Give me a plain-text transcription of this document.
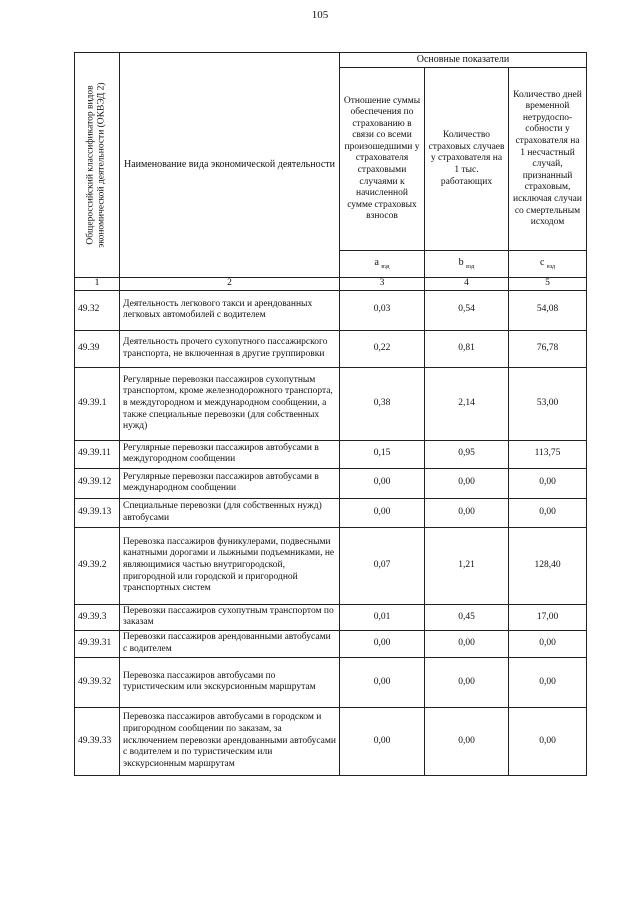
105
Общероссийский классификатор видов экономической деятельности (ОКВЭД 2)	Наименование вида экономической деятельности	Основные показатели		
		Отношение суммы обеспечения по страхованию в связи со всеми произошедшими у страхователя страховыми случаями к начисленной сумме страховых взносов	Количество страховых случаев у страхователя на 1 тыс. работающих	Количество дней временной нетрудоспо-собности у страхователя на 1 несчастный случай, признанный страховым, исключая случаи со смертельным исходом
		a $_{вэд}$	b $_{вэд}$	c $_{вэд}$
1	2	3	4	5
49.32	Деятельность легкового такси и арендованных легковых автомобилей с водителем	0,03	0,54	54,08
49.39	Деятельность прочего сухопутного пассажирского транспорта, не включенная в другие группировки	0,22	0,81	76,78
49.39.1	Регулярные перевозки пассажиров сухопутным транспортом, кроме железнодорожного транспорта, в междугородном и международном сообщении, а также специальные перевозки (для собственных нужд)	0,38	2,14	53,00
49.39.11	Регулярные перевозки пассажиров автобусами в междугородном сообщении	0,15	0,95	113,75
49.39.12	Регулярные перевозки пассажиров автобусами в международном сообщении	0,00	0,00	0,00
49.39.13	Специальные перевозки (для собственных нужд) автобусами	0,00	0,00	0,00
49.39.2	Перевозка пассажиров фуникулерами, подвесными канатными дорогами и лыжными подъемниками, не являющимися частью внутригородской, пригородной или городской и пригородной транспортных систем	0,07	1,21	128,40
49.39.3	Перевозки пассажиров сухопутным транспортом по заказам	0,01	0,45	17,00
49.39.31	Перевозки пассажиров арендованными автобусами с водителем	0,00	0,00	0,00
49.39.32	Перевозка пассажиров автобусами по туристическим или экскурсионным маршрутам	0,00	0,00	0,00
49.39.33	Перевозка пассажиров автобусами в городском и пригородном сообщении по заказам, за исключением перевозки арендованными автобусами с водителем и по туристическим или экскурсионным маршрутам	0,00	0,00	0,00
